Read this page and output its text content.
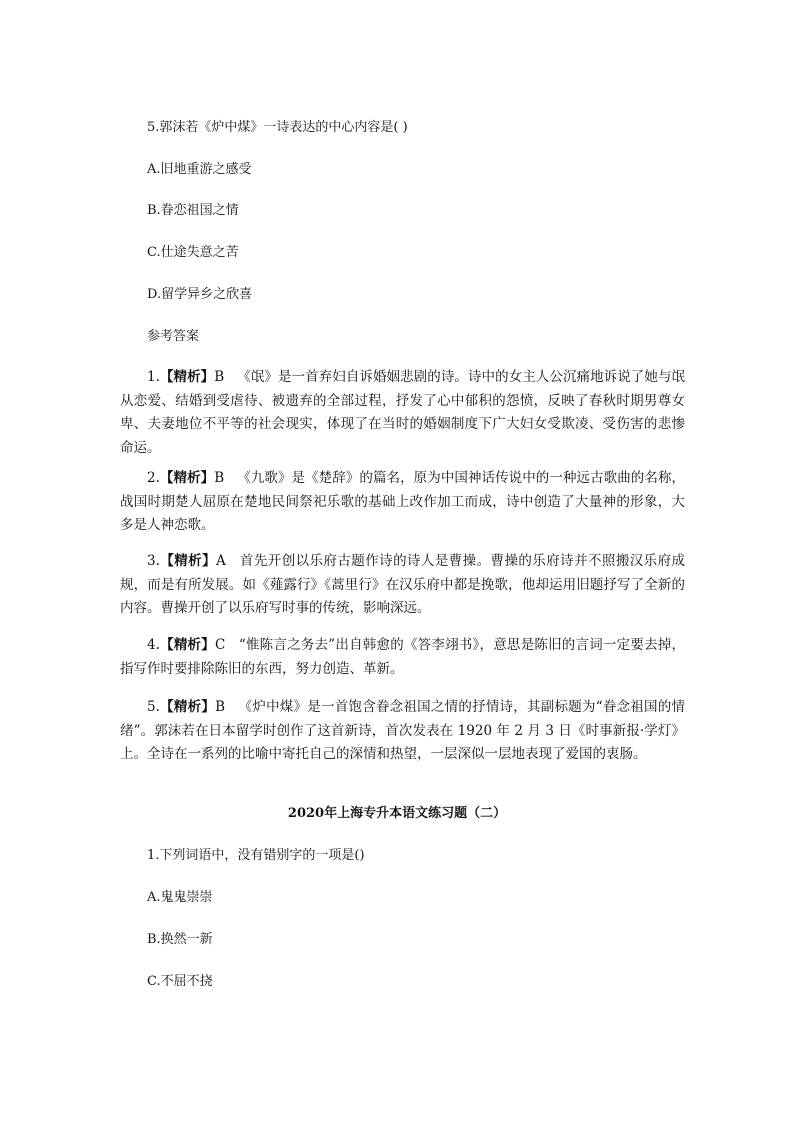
5.郭沫若《炉中煤》一诗表达的中心内容是( )
A.旧地重游之感受
B.眷恋祖国之情
C.仕途失意之苦
D.留学异乡之欣喜
参考答案

1.【精析】B 《氓》是一首弃妇自诉婚姻悲剧的诗。诗中的女主人公沉痛地诉说了她与氓从恋爱、结婚到受虐待、被遗弃的全部过程，抒发了心中郁积的怨愤，反映了春秋时期男尊女卑、夫妻地位不平等的社会现实，体现了在当时的婚姻制度下广大妇女受欺凌、受伤害的悲惨命运。

2.【精析】B 《九歌》是《楚辞》的篇名，原为中国神话传说中的一种远古歌曲的名称，战国时期楚人屈原在楚地民间祭祀乐歌的基础上改作加工而成，诗中创造了大量神的形象，大多是人神恋歌。

3.【精析】A 首先开创以乐府古题作诗的诗人是曹操。曹操的乐府诗并不照搬汉乐府成规，而是有所发展。如《薤露行》《蒿里行》在汉乐府中都是挽歌，他却运用旧题抒写了全新的内容。曹操开创了以乐府写时事的传统，影响深远。

4.【精析】C “惟陈言之务去”出自韩愈的《答李翊书》，意思是陈旧的言词一定要去掉，指写作时要排除陈旧的东西，努力创造、革新。

5.【精析】B 《炉中煤》是一首饱含眷念祖国之情的抒情诗，其副标题为“眷念祖国的情绪”。郭沫若在日本留学时创作了这首新诗，首次发表在 1920 年 2 月 3 日《时事新报·学灯》上。全诗在一系列的比喻中寄托自己的深情和热望，一层深似一层地表现了爱国的衷肠。

2020年上海专升本语文练习题（二）
1.下列词语中，没有错别字的一项是()
A.鬼鬼崇崇
B.换然一新
C.不屈不挠
